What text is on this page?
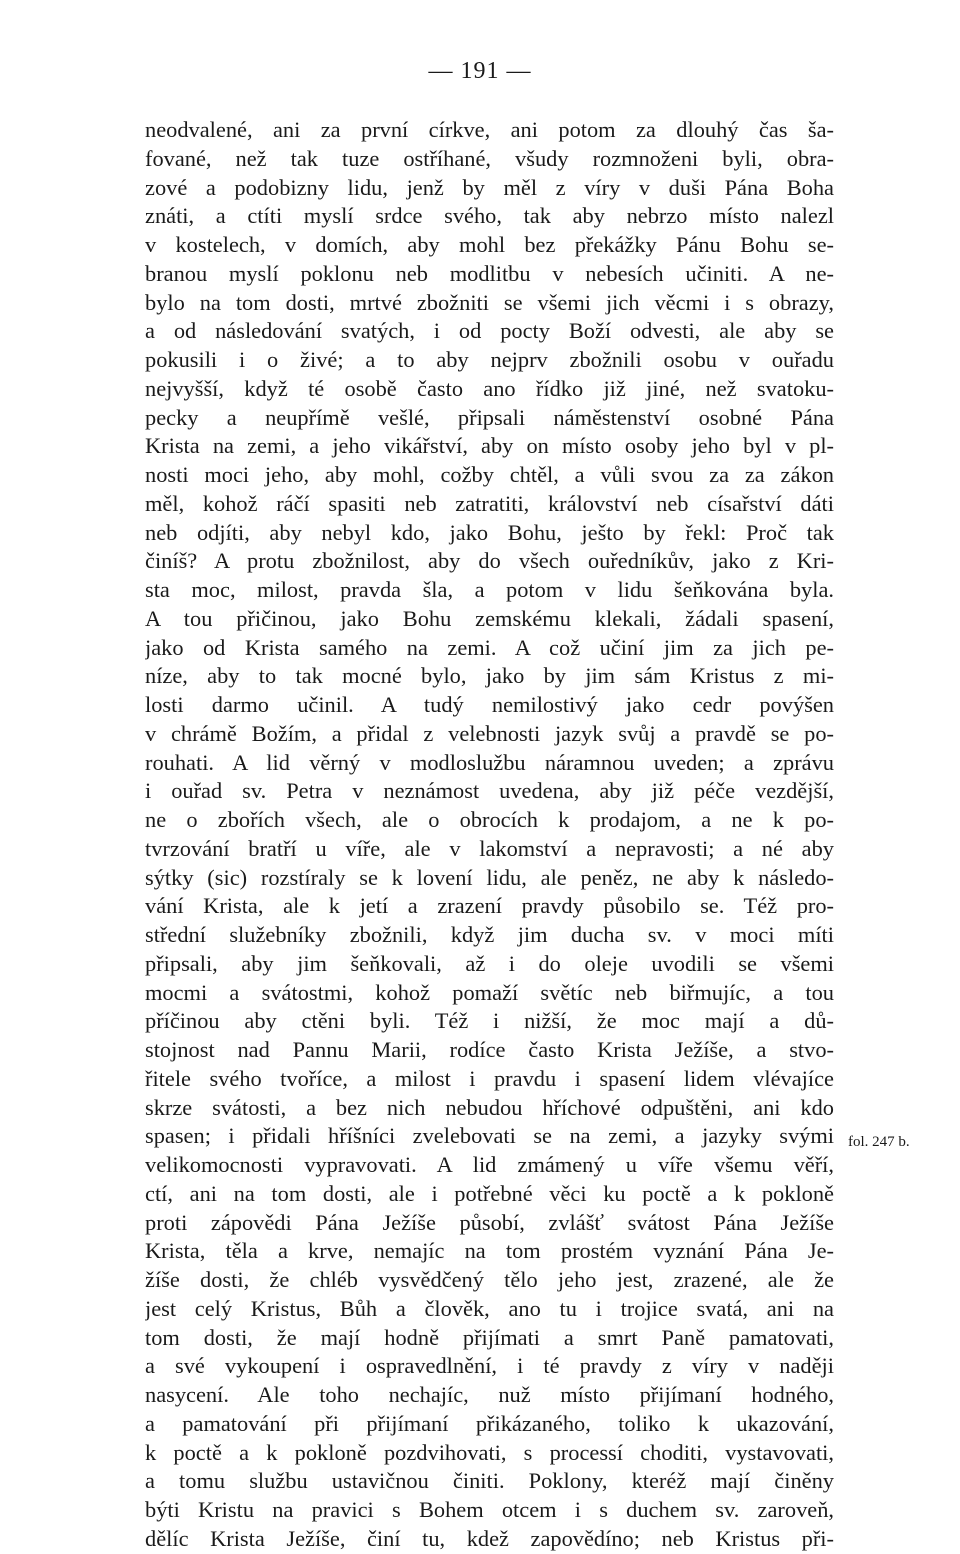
— 191 —
neodvalené, ani za první církve, ani potom za dlouhý čas ša-
fované, než tak tuze ostříhané, všudy rozmnoženi byli, obra-
zové a podobizny lidu, jenž by měl z víry v duši Pána Boha
znáti, a ctíti myslí srdce svého, tak aby nebrzo místo nalezl
v kostelech, v domích, aby mohl bez překážky Pánu Bohu se-
branou myslí poklonu neb modlitbu v nebesích učiniti. A ne-
bylo na tom dosti, mrtvé zbožniti se všemi jich věcmi i s obrazy,
a od následování svatých, i od pocty Boží odvesti, ale aby se
pokusili i o živé; a to aby nejprv zbožnili osobu v ouřadu
nejvyšší, když té osobě často ano řídko již jiné, než svatoku-
pecky a neupřímě vešlé, připsali náměstenství osobné Pána
Krista na zemi, a jeho vikářství, aby on místo osoby jeho byl v pl-
nosti moci jeho, aby mohl, cožby chtěl, a vůli svou za za zákon
měl, kohož ráčí spasiti neb zatratiti, království neb císařství dáti
neb odjíti, aby nebyl kdo, jako Bohu, ješto by řekl: Proč tak
činíš? A protu zbožnilost, aby do všech ouředníkův, jako z Kri-
sta moc, milost, pravda šla, a potom v lidu šeňkována byla.
A tou přičinou, jako Bohu zemskému klekali, žádali spasení,
jako od Krista samého na zemi. A což učiní jim za jich pe-
níze, aby to tak mocné bylo, jako by jim sám Kristus z mi-
losti darmo učinil. A tudý nemilostivý jako cedr povýšen
v chrámě Božím, a přidal z velebnosti jazyk svůj a pravdě se po-
rouhati. A lid věrný v modloslužbu náramnou uveden; a zprávu
i ouřad sv. Petra v neznámost uvedena, aby již péče vezdější,
ne o zbořích všech, ale o obrocích k prodajom, a ne k po-
tvrzování bratří u víře, ale v lakomství a nepravosti; a né aby
sýtky (sic) rozstíraly se k lovení lidu, ale peněz, ne aby k následo-
vání Krista, ale k jetí a zrazení pravdy působilo se. Též pro-
střední služebníky zbožnili, když jim ducha sv. v moci míti
připsali, aby jim šeňkovali, až i do oleje uvodili se všemi
mocmi a svátostmi, kohož pomaží světíc neb biřmujíc, a tou
příčinou aby ctěni byli. Též i nižší, že moc mají a dů-
stojnost nad Pannu Marii, rodíce často Krista Ježíše, a stvo-
řitele svého tvoříce, a milost i pravdu i spasení lidem vlévajíce
skrze svátosti, a bez nich nebudou hříchové odpuštěni, ani kdo
spasen; i přidali hříšníci zvelebovati se na zemi, a jazyky svými
velikomocnosti vypravovati. A lid zmámený u víře všemu věří,
ctí, ani na tom dosti, ale i potřebné věci ku poctě a k pokloně
proti zápovědi Pána Ježíše působí, zvlášť svátost Pána Ježíše
Krista, těla a krve, nemajíc na tom prostém vyznání Pána Je-
žíše dosti, že chléb vysvědčený tělo jeho jest, zrazené, ale že
jest celý Kristus, Bůh a člověk, ano tu i trojice svatá, ani na
tom dosti, že mají hodně přijímati a smrt Paně pamatovati,
a své vykoupení i ospravedlnění, i té pravdy z víry v naději
nasycení. Ale toho nechajíc, nuž místo přijímaní hodného,
a pamatování při přijímaní přikázaného, toliko k ukazování,
k poctě a k pokloně pozdvihovati, s processí choditi, vystavovati,
a tomu službu ustavičnou činiti. Poklony, kteréž mají činěny
býti Kristu na pravici s Bohem otcem i s duchem sv. zaroveň,
dělíc Krista Ježíše, činí tu, kdež zapovědíno; neb Kristus při-
fol. 247 b.
